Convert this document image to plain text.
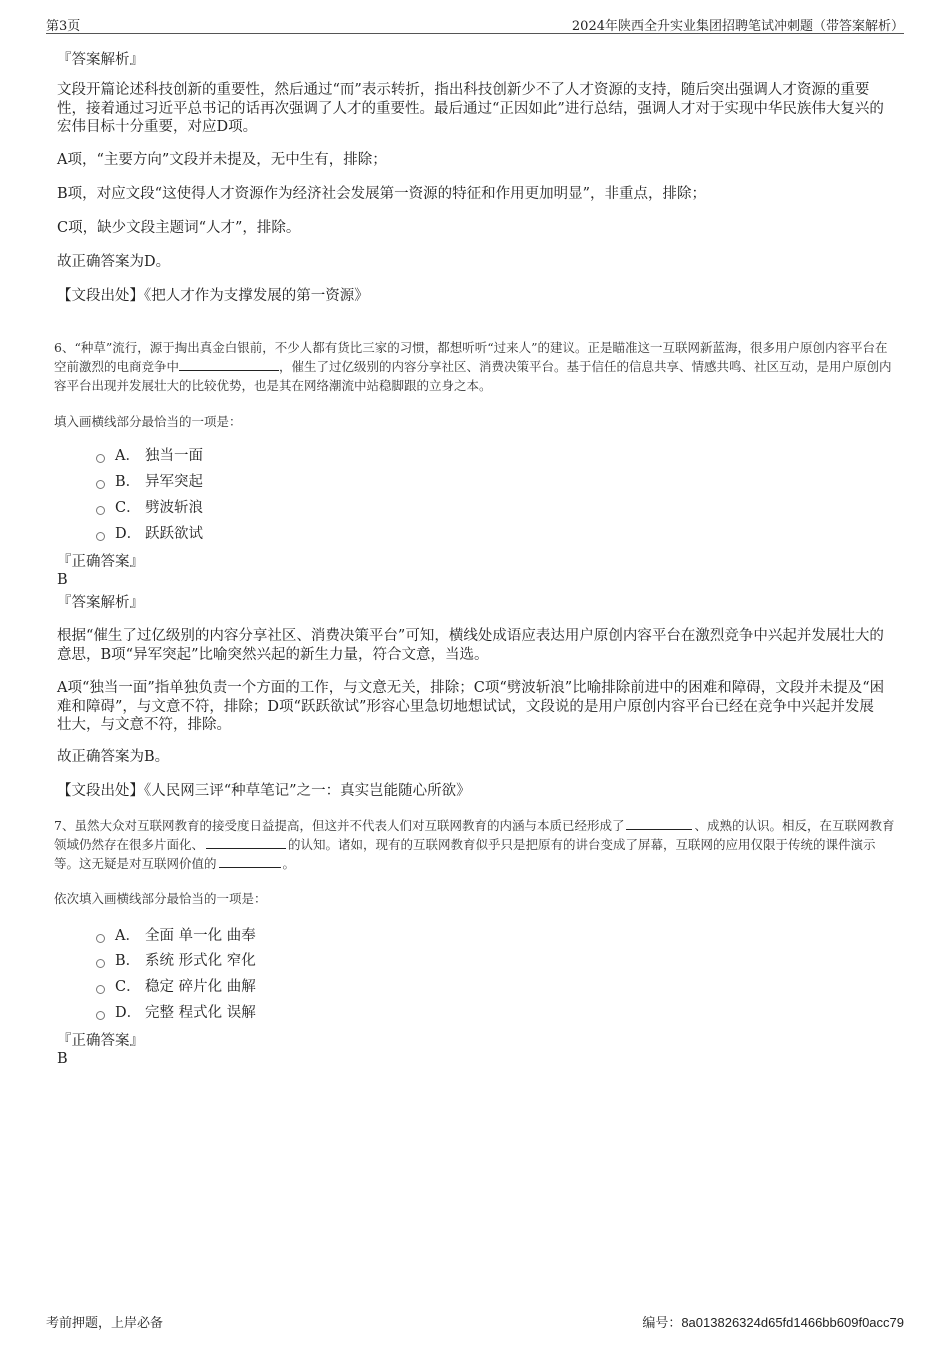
第3页	2024年陕西全升实业集团招聘笔试冲刺题（带答案解析）

『答案解析』

文段开篇论述科技创新的重要性，然后通过“而”表示转折，指出科技创新少不了人才资源的支持，随后突出强调人才资源的重要性，接着通过习近平总书记的话再次强调了人才的重要性。最后通过“正因如此”进行总结，强调人才对于实现中华民族伟大复兴的宏伟目标十分重要，对应D项。

A项，“主要方向”文段并未提及，无中生有，排除；

B项，对应文段“这使得人才资源作为经济社会发展第一资源的特征和作用更加明显”，非重点，排除；

C项，缺少文段主题词“人才”，排除。

故正确答案为D。

【文段出处】《把人才作为支撑发展的第一资源》

6、“种草”流行，源于掏出真金白银前，不少人都有货比三家的习惯，都想听听“过来人”的建议。正是瞄准这一互联网新蓝海，很多用户原创内容平台在空前激烈的电商竞争中	，催生了过亿级别的内容分享社区、消费决策平台。基于信任的信息共享、情感共鸣、社区互动，是用户原创内容平台出现并发展壮大的比较优势，也是其在网络潮流中站稳脚跟的立身之本。

填入画横线部分最恰当的一项是：

A． 独当一面
B． 异军突起
C． 劈波斩浪
D． 跃跃欲试

『正确答案』

B

『答案解析』

根据“催生了过亿级别的内容分享社区、消费决策平台”可知，横线处成语应表达用户原创内容平台在激烈竞争中兴起并发展壮大的意思，B项“异军突起”比喻突然兴起的新生力量，符合文意，当选。

A项“独当一面”指单独负责一个方面的工作，与文意无关，排除；C项“劈波斩浪”比喻排除前进中的困难和障碍，文段并未提及“困难和障碍”，与文意不符，排除；D项“跃跃欲试”形容心里急切地想试试，文段说的是用户原创内容平台已经在竞争中兴起并发展壮大，与文意不符，排除。

故正确答案为B。

【文段出处】《人民网三评“种草笔记”之一：真实岂能随心所欲》

7、虽然大众对互联网教育的接受度日益提高，但这并不代表人们对互联网教育的内涵与本质已经形成了	、成熟的认识。相反，在互联网教育领域仍然存在很多片面化、	的认知。诸如，现有的互联网教育似乎只是把原有的讲台变成了屏幕，互联网的应用仅限于传统的课件演示等。这无疑是对互联网价值的	。

依次填入画横线部分最恰当的一项是：

A． 全面 单一化 曲奉
B． 系统 形式化 窄化
C． 稳定 碎片化 曲解
D． 完整 程式化 误解

『正确答案』

B

考前押题，上岸必备	编号：8a013826324d65fd1466bb609f0acc79
